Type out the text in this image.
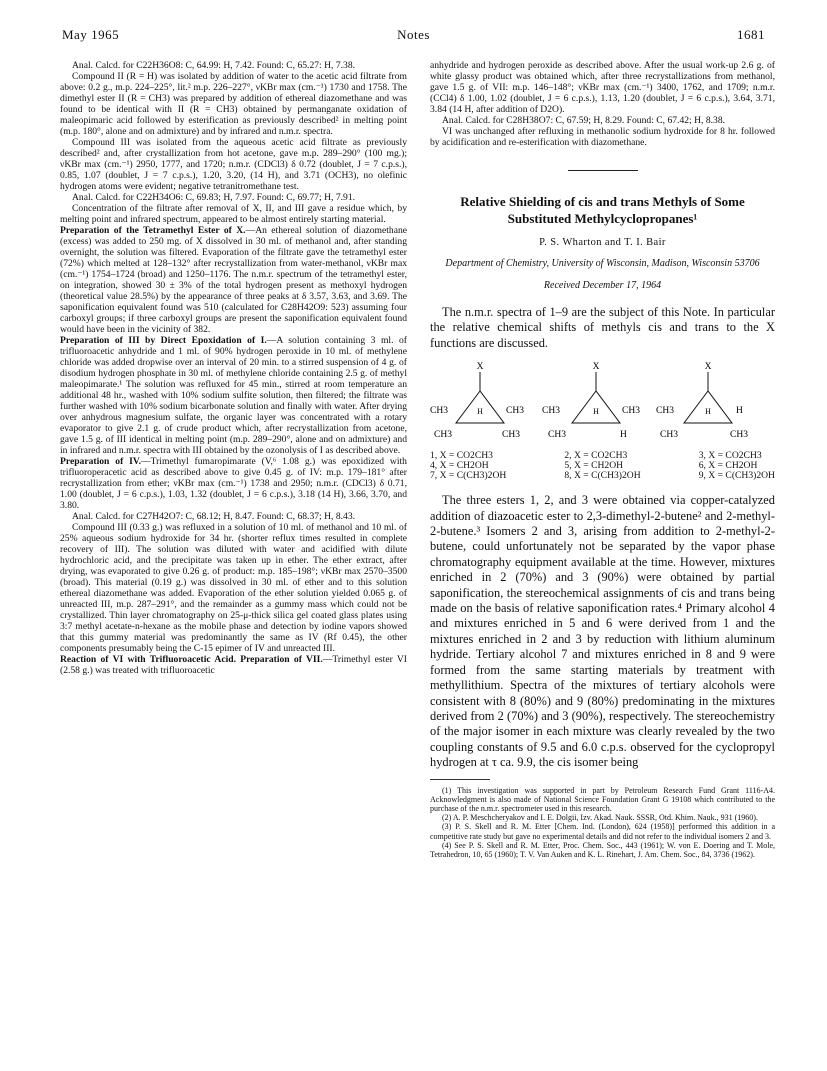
May 1965	Notes	1681

Anal. Calcd. for C22H36O8: C, 64.99: H, 7.42. Found: C, 65.27: H, 7.38.

Compound II (R = H) was isolated by addition of water to the acetic acid filtrate from above: 0.2 g., m.p. 224–225°, lit.² m.p. 226–227°, νKBr max (cm.⁻¹) 1730 and 1758. The dimethyl ester II (R = CH3) was prepared by addition of ethereal diazomethane and was found to be identical with II (R = CH3) obtained by permanganate oxidation of maleopimaric acid followed by esterification as previously described² in melting point (m.p. 180°, alone and on admixture) and by infrared and n.m.r. spectra.

Compound III was isolated from the aqueous acetic acid filtrate as previously described² and, after crystallization from hot acetone, gave m.p. 289–290° (100 mg.); νKBr max (cm.⁻¹) 2950, 1777, and 1720; n.m.r. (CDCl3) δ 0.72 (doublet, J = 7 c.p.s.), 0.85, 1.07 (doublet, J = 7 c.p.s.), 1.20, 3.20, (14 H), and 3.71 (OCH3), no olefinic hydrogen atoms were evident; negative tetranitromethane test.

Anal. Calcd. for C22H34O6: C, 69.83; H, 7.97. Found: C, 69.77; H, 7.91.

Concentration of the filtrate after removal of X, II, and III gave a residue which, by melting point and infrared spectrum, appeared to be almost entirely starting material.

Preparation of the Tetramethyl Ester of X.—An ethereal solution of diazomethane (excess) was added to 250 mg. of X dissolved in 30 ml. of methanol and, after standing overnight, the solution was filtered. Evaporation of the filtrate gave the tetramethyl ester (72%) which melted at 128–132° after recrystallization from water-methanol, νKBr max (cm.⁻¹) 1754–1724 (broad) and 1250–1176. The n.m.r. spectrum of the tetramethyl ester, on integration, showed 30 ± 3% of the total hydrogen present as methoxyl hydrogen (theoretical value 28.5%) by the appearance of three peaks at δ 3.57, 3.63, and 3.69. The saponification equivalent found was 510 (calculated for C28H42O9: 523) assuming four carboxyl groups; if three carboxyl groups are present the saponification equivalent found would have been in the vicinity of 382.

Preparation of III by Direct Epoxidation of I.—A solution containing 3 ml. of trifluoroacetic anhydride and 1 ml. of 90% hydrogen peroxide in 10 ml. of methylene chloride was added dropwise over an interval of 20 min. to a stirred suspension of 4 g. of disodium hydrogen phosphate in 30 ml. of methylene chloride containing 2.5 g. of methyl maleopimarate.¹ The solution was refluxed for 45 min., stirred at room temperature an additional 48 hr., washed with 10% sodium sulfite solution, then filtered; the filtrate was further washed with 10% sodium bicarbonate solution and finally with water. After drying over anhydrous magnesium sulfate, the organic layer was concentrated with a rotary evaporator to give 2.1 g. of crude product which, after recrystallization from acetone, gave 1.5 g. of III identical in melting point (m.p. 289–290°, alone and on admixture) and in infrared and n.m.r. spectra with III obtained by the ozonolysis of I as described above.

Preparation of IV.—Trimethyl fumaropimarate (V,⁶ 1.08 g.) was epoxidized with trifluoroperacetic acid as described above to give 0.45 g. of IV: m.p. 179–181° after recrystallization from ether; νKBr max (cm.⁻¹) 1738 and 2950; n.m.r. (CDCl3) δ 0.71, 1.00 (doublet, J = 6 c.p.s.), 1.03, 1.32 (doublet, J = 6 c.p.s.), 3.18 (14 H), 3.66, 3.70, and 3.80.

Anal. Calcd. for C27H42O7: C, 68.12; H, 8.47. Found: C, 68.37; H, 8.43.

Compound III (0.33 g.) was refluxed in a solution of 10 ml. of methanol and 10 ml. of 25% aqueous sodium hydroxide for 34 hr. (shorter reflux times resulted in complete recovery of III). The solution was diluted with water and acidified with dilute hydrochloric acid, and the precipitate was taken up in ether. The ether extract, after drying, was evaporated to give 0.26 g. of product: m.p. 185–198°; νKBr max 2570–3500 (broad). This material (0.19 g.) was dissolved in 30 ml. of ether and to this solution ethereal diazomethane was added. Evaporation of the ether solution yielded 0.065 g. of unreacted III, m.p. 287–291°, and the remainder as a gummy mass which could not be crystallized. Thin layer chromatography on 25-μ-thick silica gel coated glass plates using 3:7 methyl acetate-n-hexane as the mobile phase and detection by iodine vapors showed that this gummy material was predominantly the same as IV (Rf 0.45), the other components presumably being the C-15 epimer of IV and unreacted III.

Reaction of VI with Trifluoroacetic Acid. Preparation of VII.—Trimethyl ester VI (2.58 g.) was treated with trifluoroacetic

anhydride and hydrogen peroxide as described above. After the usual work-up 2.6 g. of white glassy product was obtained which, after three recrystallizations from methanol, gave 1.5 g. of VII: m.p. 146–148°; νKBr max (cm.⁻¹) 3400, 1762, and 1709; n.m.r. (CCl4) δ 1.00, 1.02 (doublet, J = 6 c.p.s.), 1.13, 1.20 (doublet, J = 6 c.p.s.), 3.64, 3.71, 3.84 (14 H, after addition of D2O).

Anal. Calcd. for C28H38O7: C, 67.59; H, 8.29. Found: C, 67.42; H, 8.38.

VI was unchanged after refluxing in methanolic sodium hydroxide for 8 hr. followed by acidification and re-esterification with diazomethane.

Relative Shielding of cis and trans Methyls of Some Substituted Methylcyclopropanes¹
P. S. Wharton and T. I. Bair
Department of Chemistry, University of Wisconsin, Madison, Wisconsin 53706
Received December 17, 1964

The n.m.r. spectra of 1–9 are the subject of this Note. In particular the relative chemical shifts of methyls cis and trans to the X functions are discussed.

X
H
CH3	CH3
CH3	CH3
X
H
CH3	CH3
CH3	H
X
H
CH3	H
CH3	CH3
1, X = CO2CH3
4, X = CH2OH
7, X = C(CH3)2OH
2, X = CO2CH3
5, X = CH2OH
8, X = C(CH3)2OH
3, X = CO2CH3
6, X = CH2OH
9, X = C(CH3)2OH

The three esters 1, 2, and 3 were obtained via copper-catalyzed addition of diazoacetic ester to 2,3-dimethyl-2-butene² and 2-methyl-2-butene.³ Isomers 2 and 3, arising from addition to 2-methyl-2-butene, could unfortunately not be separated by the vapor phase chromatography equipment available at the time. However, mixtures enriched in 2 (70%) and 3 (90%) were obtained by partial saponification, the stereochemical assignments of cis and trans being made on the basis of relative saponification rates.⁴ Primary alcohol 4 and mixtures enriched in 5 and 6 were derived from 1 and the mixtures enriched in 2 and 3 by reduction with lithium aluminum hydride. Tertiary alcohol 7 and mixtures enriched in 8 and 9 were formed from the same starting materials by treatment with methyllithium. Spectra of the mixtures of tertiary alcohols were consistent with 8 (80%) and 9 (80%) predominating in the mixtures derived from 2 (70%) and 3 (90%), respectively. The stereochemistry of the major isomer in each mixture was clearly revealed by the two coupling constants of 9.5 and 6.0 c.p.s. observed for the cyclopropyl hydrogen at τ ca. 9.9, the cis isomer being

(1) This investigation was supported in part by Petroleum Research Fund Grant 1116-A4. Acknowledgment is also made of National Science Foundation Grant G 19108 which contributed to the purchase of the n.m.r. spectrometer used in this research.

(2) A. P. Meschcheryakov and I. E. Dolgii, Izv. Akad. Nauk. SSSR, Otd. Khim. Nauk., 931 (1960).

(3) P. S. Skell and R. M. Etter [Chem. Ind. (London), 624 (1958)] performed this addition in a competitive rate study but gave no experimental details and did not refer to the individual isomers 2 and 3.

(4) See P. S. Skell and R. M. Etter, Proc. Chem. Soc., 443 (1961); W. von E. Doering and T. Mole, Tetrahedron, 10, 65 (1960); T. V. Van Auken and K. L. Rinehart, J. Am. Chem. Soc., 84, 3736 (1962).
